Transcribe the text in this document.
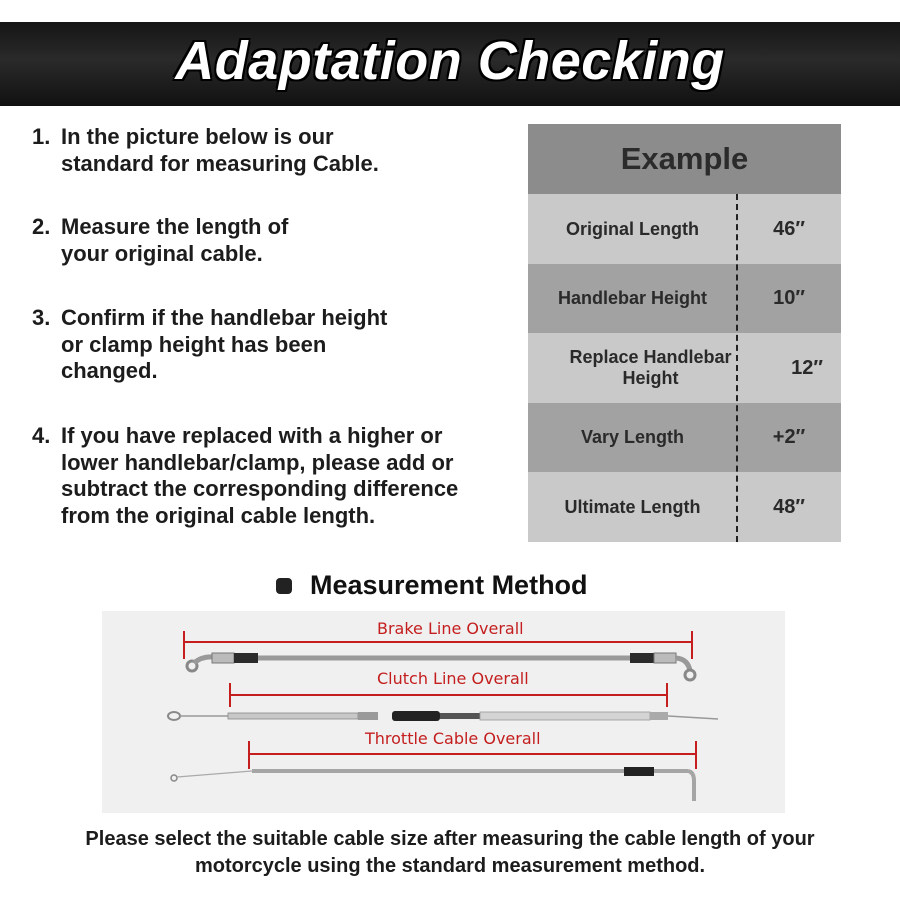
Adaptation Checking
1. In the picture below is our standard for measuring Cable.
2. Measure the length of your original cable.
3. Confirm if the handlebar height or clamp height has been changed.
4. If you have replaced with a higher or lower handlebar/clamp, please add or subtract the corresponding difference from the original cable length.
Example
Original Length	46″
Handlebar Height	10″
Replace Handlebar Height	12″
Vary Length	+2″
Ultimate Length	48″
Measurement Method
Brake Line Overall
Clutch Line Overall
Throttle Cable Overall
Please select the suitable cable size after measuring the cable length of your motorcycle using the standard measurement method.
